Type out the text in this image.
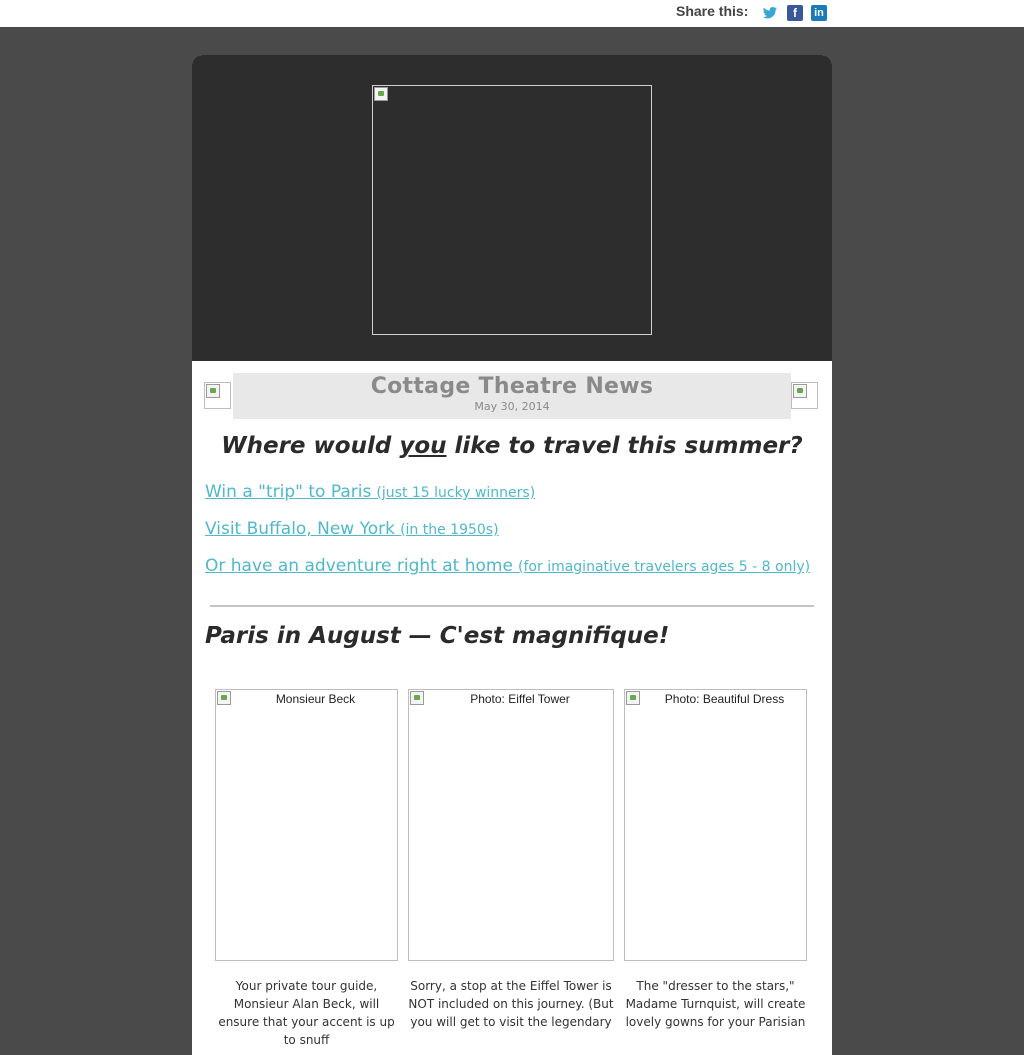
Share this:	f	in
Cottage Theatre News
May 30, 2014
Where would you like to travel this summer?
Win a "trip" to Paris (just 15 lucky winners)
Visit Buffalo, New York (in the 1950s)
Or have an adventure right at home (for imaginative travelers ages 5 - 8 only)
Paris in August — C'est magnifique!
Monsieur Beck	Photo: Eiffel Tower	Photo: Beautiful Dress
Your private tour guide, Monsieur Alan Beck, will ensure that your accent is up to snuff
Sorry, a stop at the Eiffel Tower is NOT included on this journey. (But you will get to visit the legendary
The "dresser to the stars," Madame Turnquist, will create lovely gowns for your Parisian
